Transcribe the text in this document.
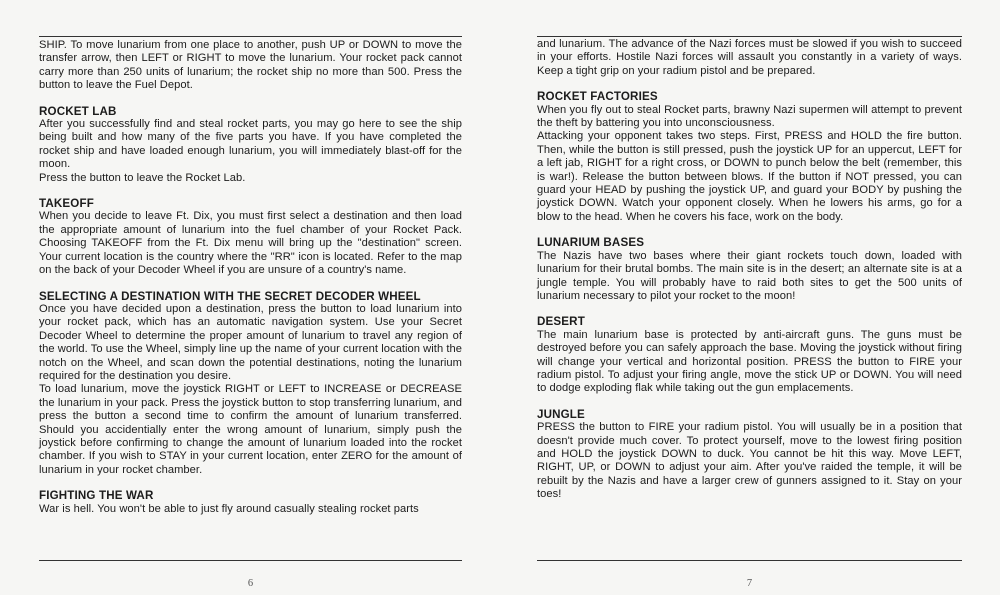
SHIP. To move lunarium from one place to another, push UP or DOWN to move the transfer arrow, then LEFT or RIGHT to move the lunarium. Your rocket pack cannot carry more than 250 units of lunarium; the rocket ship no more than 500. Press the button to leave the Fuel Depot.

ROCKET LAB

After you successfully find and steal rocket parts, you may go here to see the ship being built and how many of the five parts you have. If you have completed the rocket ship and have loaded enough lunarium, you will immediately blast-off for the moon.
Press the button to leave the Rocket Lab.

TAKEOFF

When you decide to leave Ft. Dix, you must first select a destination and then load the appropriate amount of lunarium into the fuel chamber of your Rocket Pack. Choosing TAKEOFF from the Ft. Dix menu will bring up the "destination" screen. Your current location is the country where the "RR" icon is located. Refer to the map on the back of your Decoder Wheel if you are unsure of a country's name.

SELECTING A DESTINATION WITH THE SECRET DECODER WHEEL

Once you have decided upon a destination, press the button to load lunarium into your rocket pack, which has an automatic navigation system. Use your Secret Decoder Wheel to determine the proper amount of lunarium to travel any region of the world. To use the Wheel, simply line up the name of your current location with the notch on the Wheel, and scan down the potential destinations, noting the lunarium required for the destination you desire.
To load lunarium, move the joystick RIGHT or LEFT to INCREASE or DECREASE the lunarium in your pack. Press the joystick button to stop transferring lunarium, and press the button a second time to confirm the amount of lunarium transferred. Should you accidentially enter the wrong amount of lunarium, simply push the joystick before confirming to change the amount of lunarium loaded into the rocket chamber. If you wish to STAY in your current location, enter ZERO for the amount of lunarium in your rocket chamber.

FIGHTING THE WAR

War is hell. You won't be able to just fly around casually stealing rocket parts

6

and lunarium. The advance of the Nazi forces must be slowed if you wish to succeed in your efforts. Hostile Nazi forces will assault you constantly in a variety of ways. Keep a tight grip on your radium pistol and be prepared.

ROCKET FACTORIES

When you fly out to steal Rocket parts, brawny Nazi supermen will attempt to prevent the theft by battering you into unconsciousness.
Attacking your opponent takes two steps. First, PRESS and HOLD the fire button. Then, while the button is still pressed, push the joystick UP for an uppercut, LEFT for a left jab, RIGHT for a right cross, or DOWN to punch below the belt (remember, this is war!). Release the button between blows. If the button if NOT pressed, you can guard your HEAD by pushing the joystick UP, and guard your BODY by pushing the joystick DOWN. Watch your opponent closely. When he lowers his arms, go for a blow to the head. When he covers his face, work on the body.

LUNARIUM BASES

The Nazis have two bases where their giant rockets touch down, loaded with lunarium for their brutal bombs. The main site is in the desert; an alternate site is at a jungle temple. You will probably have to raid both sites to get the 500 units of lunarium necessary to pilot your rocket to the moon!

DESERT

The main lunarium base is protected by anti-aircraft guns. The guns must be destroyed before you can safely approach the base. Moving the joystick without firing will change your vertical and horizontal position. PRESS the button to FIRE your radium pistol. To adjust your firing angle, move the stick UP or DOWN. You will need to dodge exploding flak while taking out the gun emplacements.

JUNGLE

PRESS the button to FIRE your radium pistol. You will usually be in a position that doesn't provide much cover. To protect yourself, move to the lowest firing position and HOLD the joystick DOWN to duck. You cannot be hit this way. Move LEFT, RIGHT, UP, or DOWN to adjust your aim. After you've raided the temple, it will be rebuilt by the Nazis and have a larger crew of gunners assigned to it. Stay on your toes!

7
